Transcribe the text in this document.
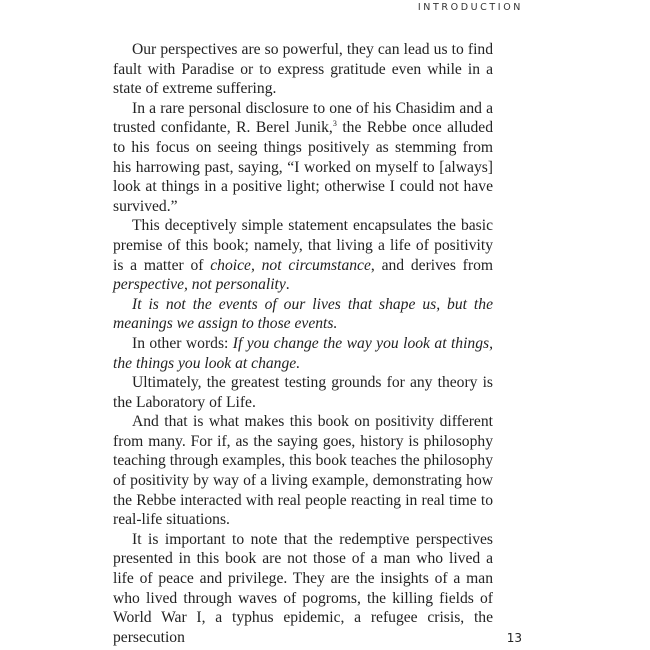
INTRODUCTION

Our perspectives are so powerful, they can lead us to find fault with Paradise or to express gratitude even while in a state of extreme suffering.

In a rare personal disclosure to one of his Chasidim and a trusted confidante, R. Berel Junik,$^3$ the Rebbe once alluded to his focus on seeing things positively as stemming from his harrowing past, saying, “I worked on myself to [always] look at things in a positive light; otherwise I could not have survived.”

This deceptively simple statement encapsulates the basic premise of this book; namely, that living a life of positivity is a matter of choice, not circumstance, and derives from perspective, not personality.

It is not the events of our lives that shape us, but the meanings we assign to those events.

In other words: If you change the way you look at things, the things you look at change.

Ultimately, the greatest testing grounds for any theory is the Laboratory of Life.

And that is what makes this book on positivity different from many. For if, as the saying goes, history is philosophy teaching through examples, this book teaches the philosophy of positivity by way of a living example, demonstrating how the Rebbe interacted with real people reacting in real time to real-life situations.

It is important to note that the redemptive perspectives presented in this book are not those of a man who lived a life of peace and privilege. They are the insights of a man who lived through waves of pogroms, the killing fields of World War I, a typhus epidemic, a refugee crisis, the persecution	13
